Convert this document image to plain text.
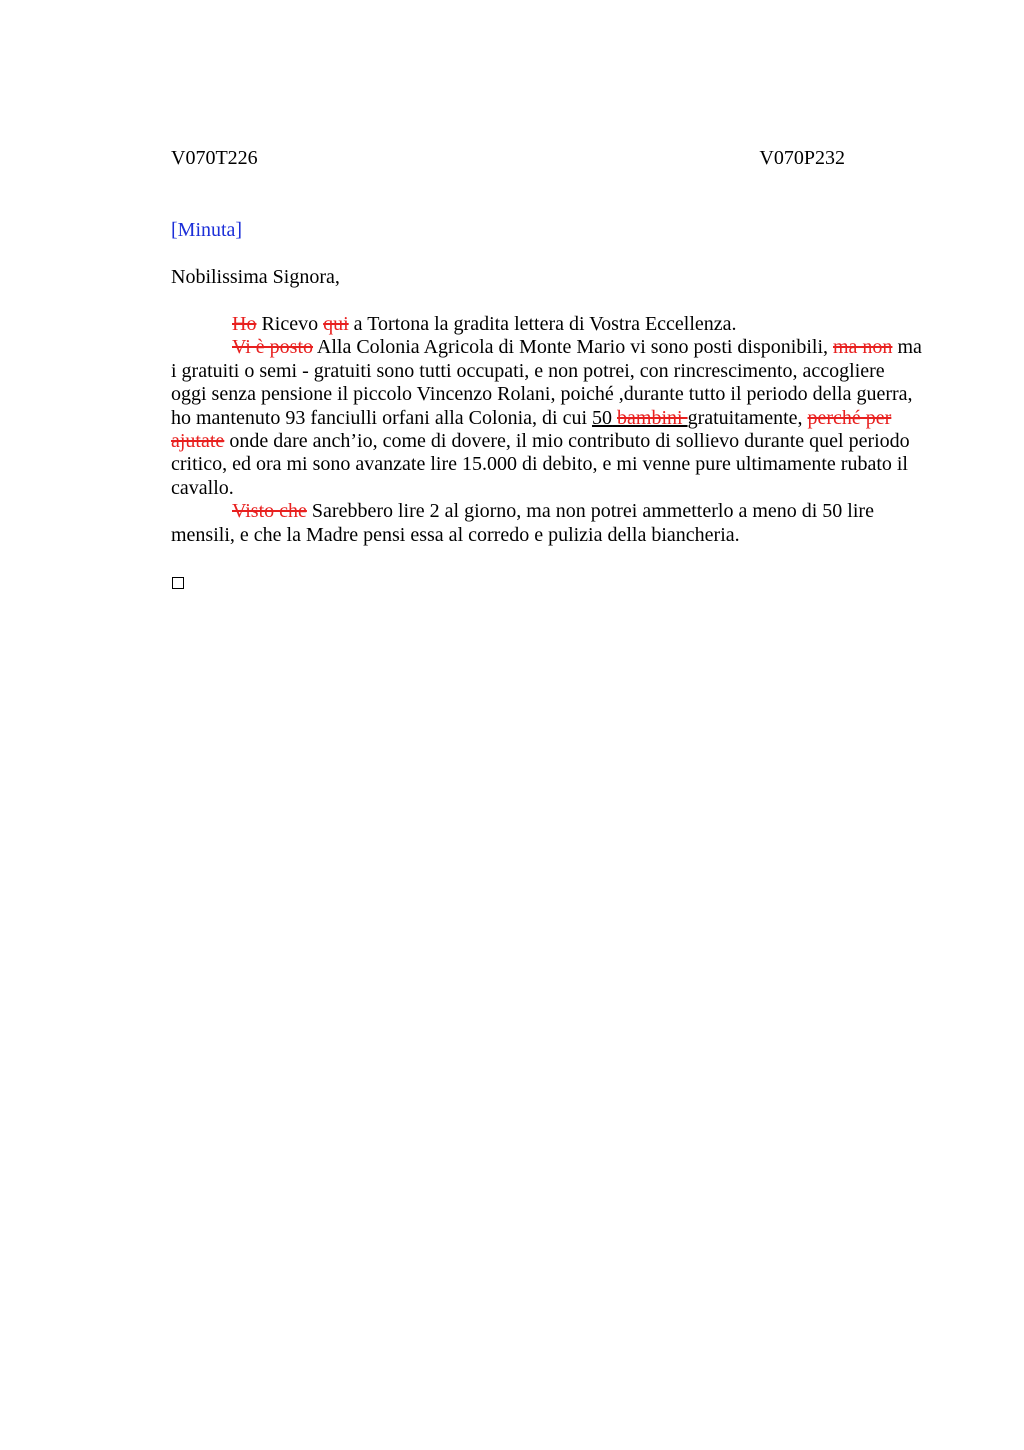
V070T226	V070P232
[Minuta]
Nobilissima Signora,

Ho Ricevo qui a Tortona la gradita lettera di Vostra Eccellenza.

Vi è posto Alla Colonia Agricola di Monte Mario vi sono posti disponibili, ma non ma i gratuiti o semi - gratuiti sono tutti occupati, e non potrei, con rincrescimento, accogliere oggi senza pensione il piccolo Vincenzo Rolani, poiché ,durante tutto il periodo della guerra, ho mantenuto 93 fanciulli orfani alla Colonia, di cui 50 bambini gratuitamente, perché per ajutate onde dare anch’io, come di dovere, il mio contributo di sollievo durante quel periodo critico, ed ora mi sono avanzate lire 15.000 di debito, e mi venne pure ultimamente rubato il cavallo.

Visto che Sarebbero lire 2 al giorno, ma non potrei ammetterlo a meno di 50 lire mensili, e che la Madre pensi essa al corredo e pulizia della biancheria.
